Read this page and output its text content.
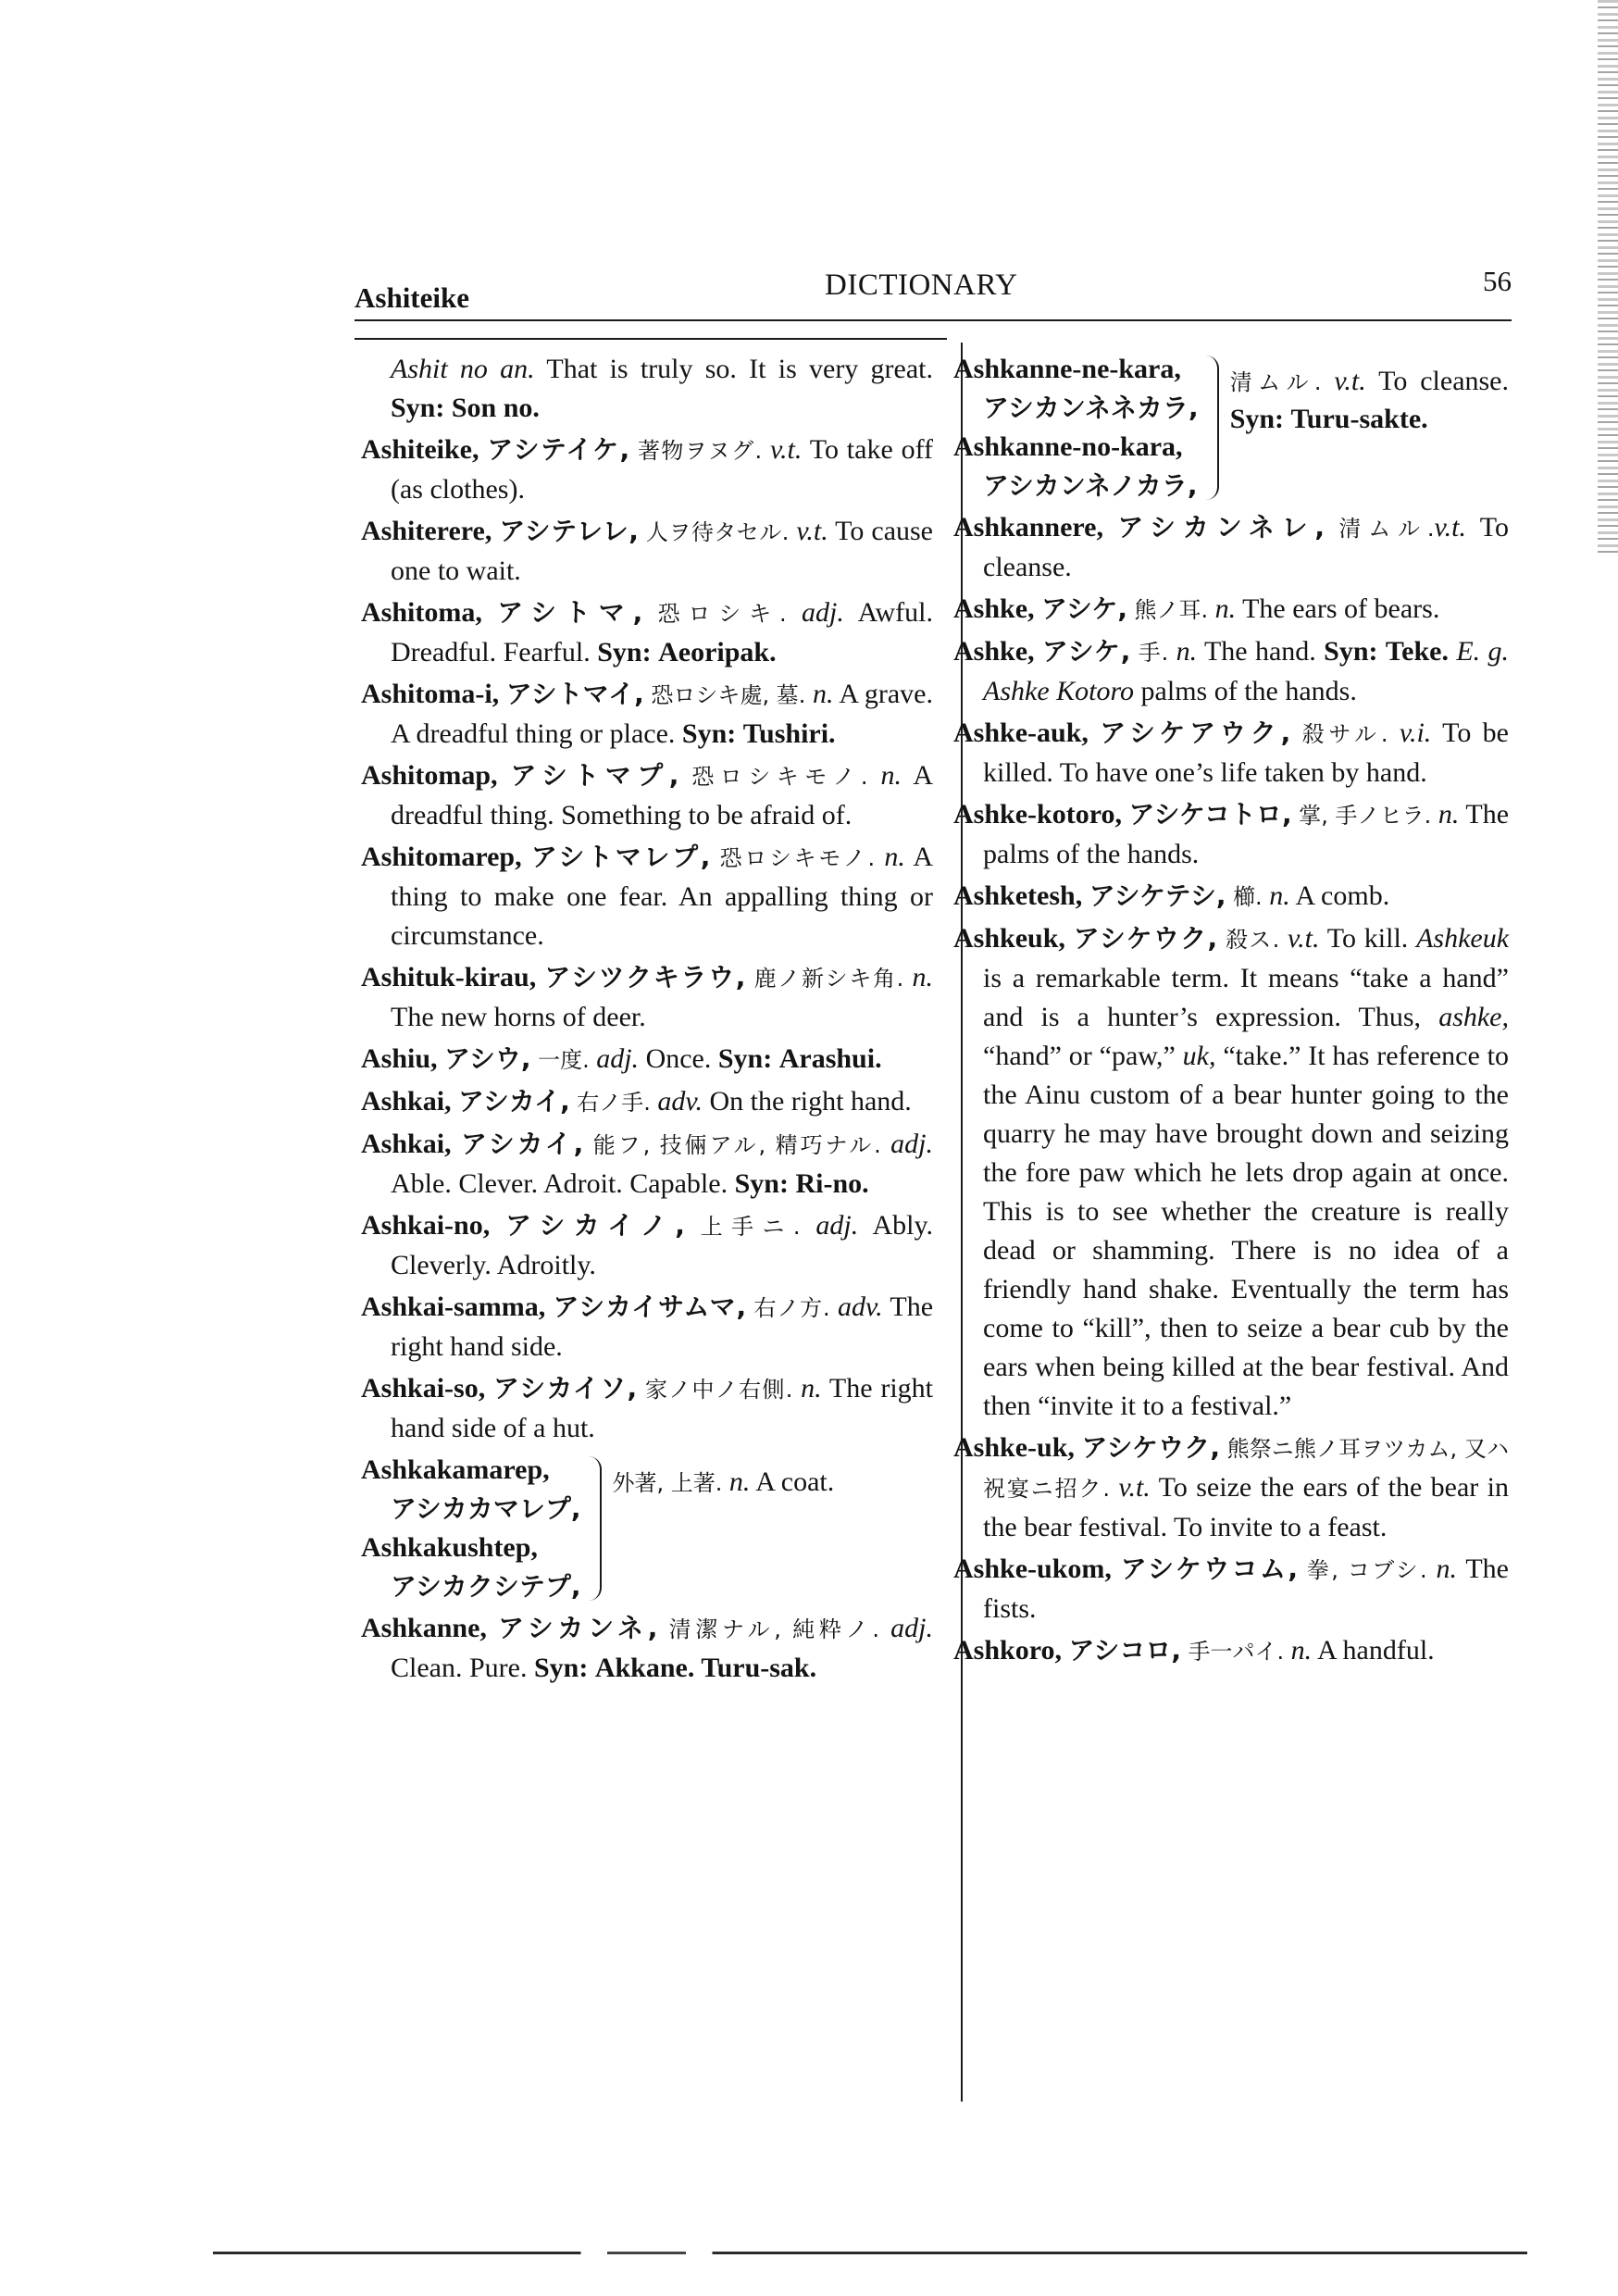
Ashiteike	DICTIONARY	56
Ashit no an. That is truly so. It is very great. Syn: Son no.
Ashiteike, アシテイケ, 著物ヲヌグ. v.t. To take off (as clothes).
Ashiterere, アシテレレ, 人ヲ待タセル. v.t. To cause one to wait.
Ashitoma, アシトマ, 恐ロシキ. adj. Awful. Dreadful. Fearful. Syn: Aeoripak.
Ashitoma-i, アシトマイ, 恐ロシキ處, 墓. n. A grave. A dreadful thing or place. Syn: Tushiri.
Ashitomap, アシトマプ, 恐ロシキモノ. n. A dreadful thing. Something to be afraid of.
Ashitomarep, アシトマレプ, 恐ロシキモノ. n. A thing to make one fear. An appalling thing or circumstance.
Ashituk-kirau, アシツクキラウ, 鹿ノ新シキ角. n. The new horns of deer.
Ashiu, アシウ, 一度. adj. Once. Syn: Arashui.
Ashkai, アシカイ, 右ノ手. adv. On the right hand.
Ashkai, アシカイ, 能フ, 技倆アル, 精巧ナル. adj. Able. Clever. Adroit. Capable. Syn: Ri-no.
Ashkai-no, アシカイノ, 上手ニ. adj. Ably. Cleverly. Adroitly.
Ashkai-samma, アシカイサムマ, 右ノ方. adv. The right hand side.
Ashkai-so, アシカイソ, 家ノ中ノ右側. n. The right hand side of a hut.
Ashkakamarep,
アシカカマレプ,
Ashkakushtep,
アシカクシテプ,
外著, 上著. n. A coat.
Ashkanne, アシカンネ, 清潔ナル, 純粋ノ. adj. Clean. Pure. Syn: Akkane. Turu-sak.
Ashkanne-ne-kara,
アシカンネネカラ,
Ashkanne-no-kara,
アシカンネノカラ,
清ムル. v.t. To cleanse. Syn: Turu-sakte.
Ashkannere, アシカンネレ, 清ムル.v.t. To cleanse.
Ashke, アシケ, 熊ノ耳. n. The ears of bears.
Ashke, アシケ, 手. n. The hand. Syn: Teke. E. g. Ashke Kotoro palms of the hands.
Ashke-auk, アシケアウク, 殺サル. v.i. To be killed. To have one’s life taken by hand.
Ashke-kotoro, アシケコトロ, 掌, 手ノヒラ. n. The palms of the hands.
Ashketesh, アシケテシ, 櫛. n. A comb.
Ashkeuk, アシケウク, 殺ス. v.t. To kill. Ashkeuk is a remarkable term. It means “take a hand” and is a hunter’s expression. Thus, ashke, “hand” or “paw,” uk, “take.” It has reference to the Ainu custom of a bear hunter going to the quarry he may have brought down and seizing the fore paw which he lets drop again at once. This is to see whether the creature is really dead or shamming. There is no idea of a friendly hand shake. Eventually the term has come to “kill”, then to seize a bear cub by the ears when being killed at the bear festival. And then “invite it to a festival.”
Ashke-uk, アシケウク, 熊祭ニ熊ノ耳ヲツカム, 又ハ祝宴ニ招ク. v.t. To seize the ears of the bear in the bear festival. To invite to a feast.
Ashke-ukom, アシケウコム, 拳, コブシ. n. The fists.
Ashkoro, アシコロ, 手一パイ. n. A handful.
